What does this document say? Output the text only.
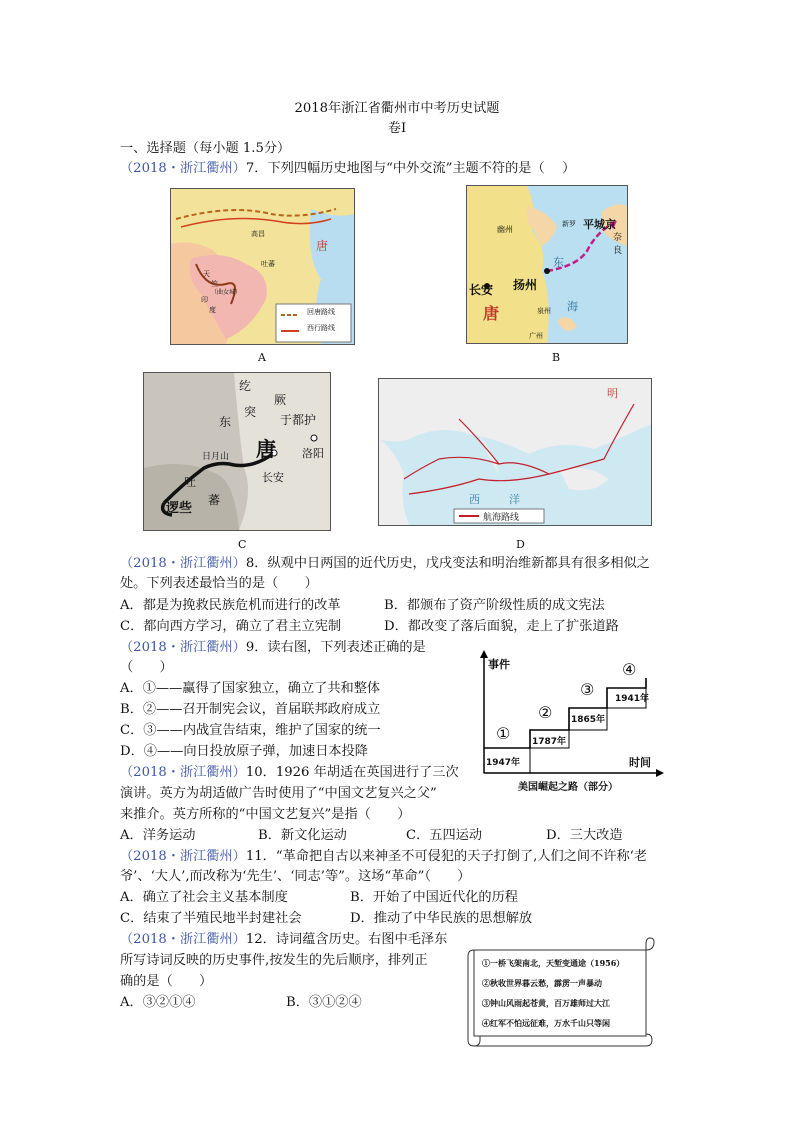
2018年浙江省衢州市中考历史试题
卷Ⅰ
一、选择题（每小题 1.5分）
（2018・浙江衢州）7．下列四幅历史地图与“中外交流”主题不符的是（　 ）
回唐路线
西行路线
唐
天
竺
印
度
（曲女城）
高昌
吐蕃
A
幽州
新罗 平城京
奈良
长安 扬州
唐	泉州
广州
东
海
B
纥
东
突
厥
于都护
日月山 唐 洛阳
长安
吐
蕃
逻些
C
明
西	洋
航海路线
D
（2018・浙江衢州）8．纵观中日两国的近代历史，戊戌变法和明治维新都具有很多相似之
处。下列表述最恰当的是（　　）
A．都是为挽救民族危机而进行的改革	B．都颁布了资产阶级性质的成文宪法
C．都向西方学习，确立了君主立宪制	D．都改变了落后面貌，走上了扩张道路
（2018・浙江衢州）9．读右图，下列表述正确的是
（　　）
A．①——赢得了国家独立，确立了共和整体
B．②——召开制宪会议，首届联邦政府成立
C．③——内战宣告结束，维护了国家的统一
D．④——向日投放原子弹，加速日本投降
事件
时间
①
1947年
②
1787年
③
1865年
④
1941年
美国崛起之路（部分）
（2018・浙江衢州）10．1926 年胡适在英国进行了三次
演讲。英方为胡适做广告时使用了“中国文艺复兴之父”
来推介。英方所称的“中国文艺复兴”是指（　　）
A．洋务运动	B．新文化运动	C．五四运动	D．三大改造
（2018・浙江衢州）11．“革命把自古以来神圣不可侵犯的天子打倒了,人们之间不许称‘老
爷’、‘大人’,而改称为‘先生’、‘同志’等”。这场“革命”（　　）
A．确立了社会主义基本制度	B．开始了中国近代化的历程
C．结束了半殖民地半封建社会	D．推动了中华民族的思想解放
（2018・浙江衢州）12．诗词蕴含历史。右图中毛泽东
所写诗词反映的历史事件,按发生的先后顺序，排列正
确的是（　　）
A．③②①④	B．③①②④
①一桥飞架南北，天堑变通途（1956）
②秋收世界暮云愁，霹雳一声暴动
③钟山风雨起苍黄，百万雄师过大江
④红军不怕远征难，万水千山只等闲
